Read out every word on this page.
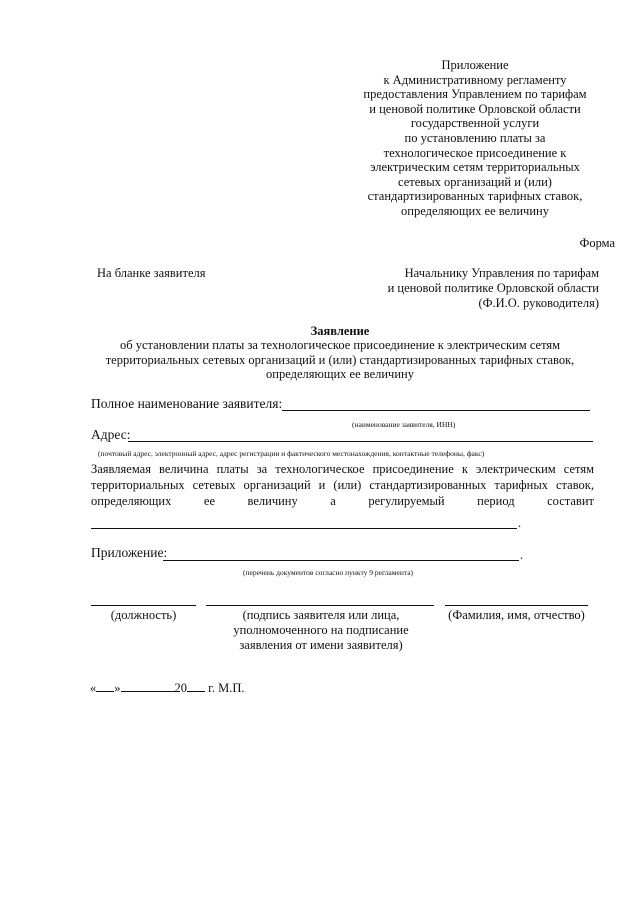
Приложение
к Административному регламенту
предоставления Управлением по тарифам
и ценовой политике Орловской области
государственной услуги
по установлению платы за
технологическое присоединение к
электрическим сетям территориальных
сетевых организаций и (или)
стандартизированных тарифных ставок,
определяющих ее величину
Форма
На бланке заявителя	Начальнику Управления по тарифам
и ценовой политике Орловской области
(Ф.И.О. руководителя)
Заявление
об установлении платы за технологическое присоединение к электрическим сетям
территориальных сетевых организаций и (или) стандартизированных тарифных ставок,
определяющих ее величину
Полное наименование заявителя:
(наименование заявителя, ИНН)
Адрес:
(почтовый адрес, электронный адрес, адрес регистрации и фактического местонахождения, контактные телефоны, факс)
Заявляемая величина платы за технологическое присоединение к электрическим сетям
территориальных сетевых организаций и (или) стандартизированных тарифных ставок,
определяющих	ее	величину	а	регулируемый	период	составит
.
Приложение:	.
(перечень документов согласно пункту 9 регламента)
(должность)	(подпись заявителя или лица,
уполномоченного на подписание
заявления от имени заявителя)
(Фамилия, имя, отчество)
« »	20 г. М.П.
